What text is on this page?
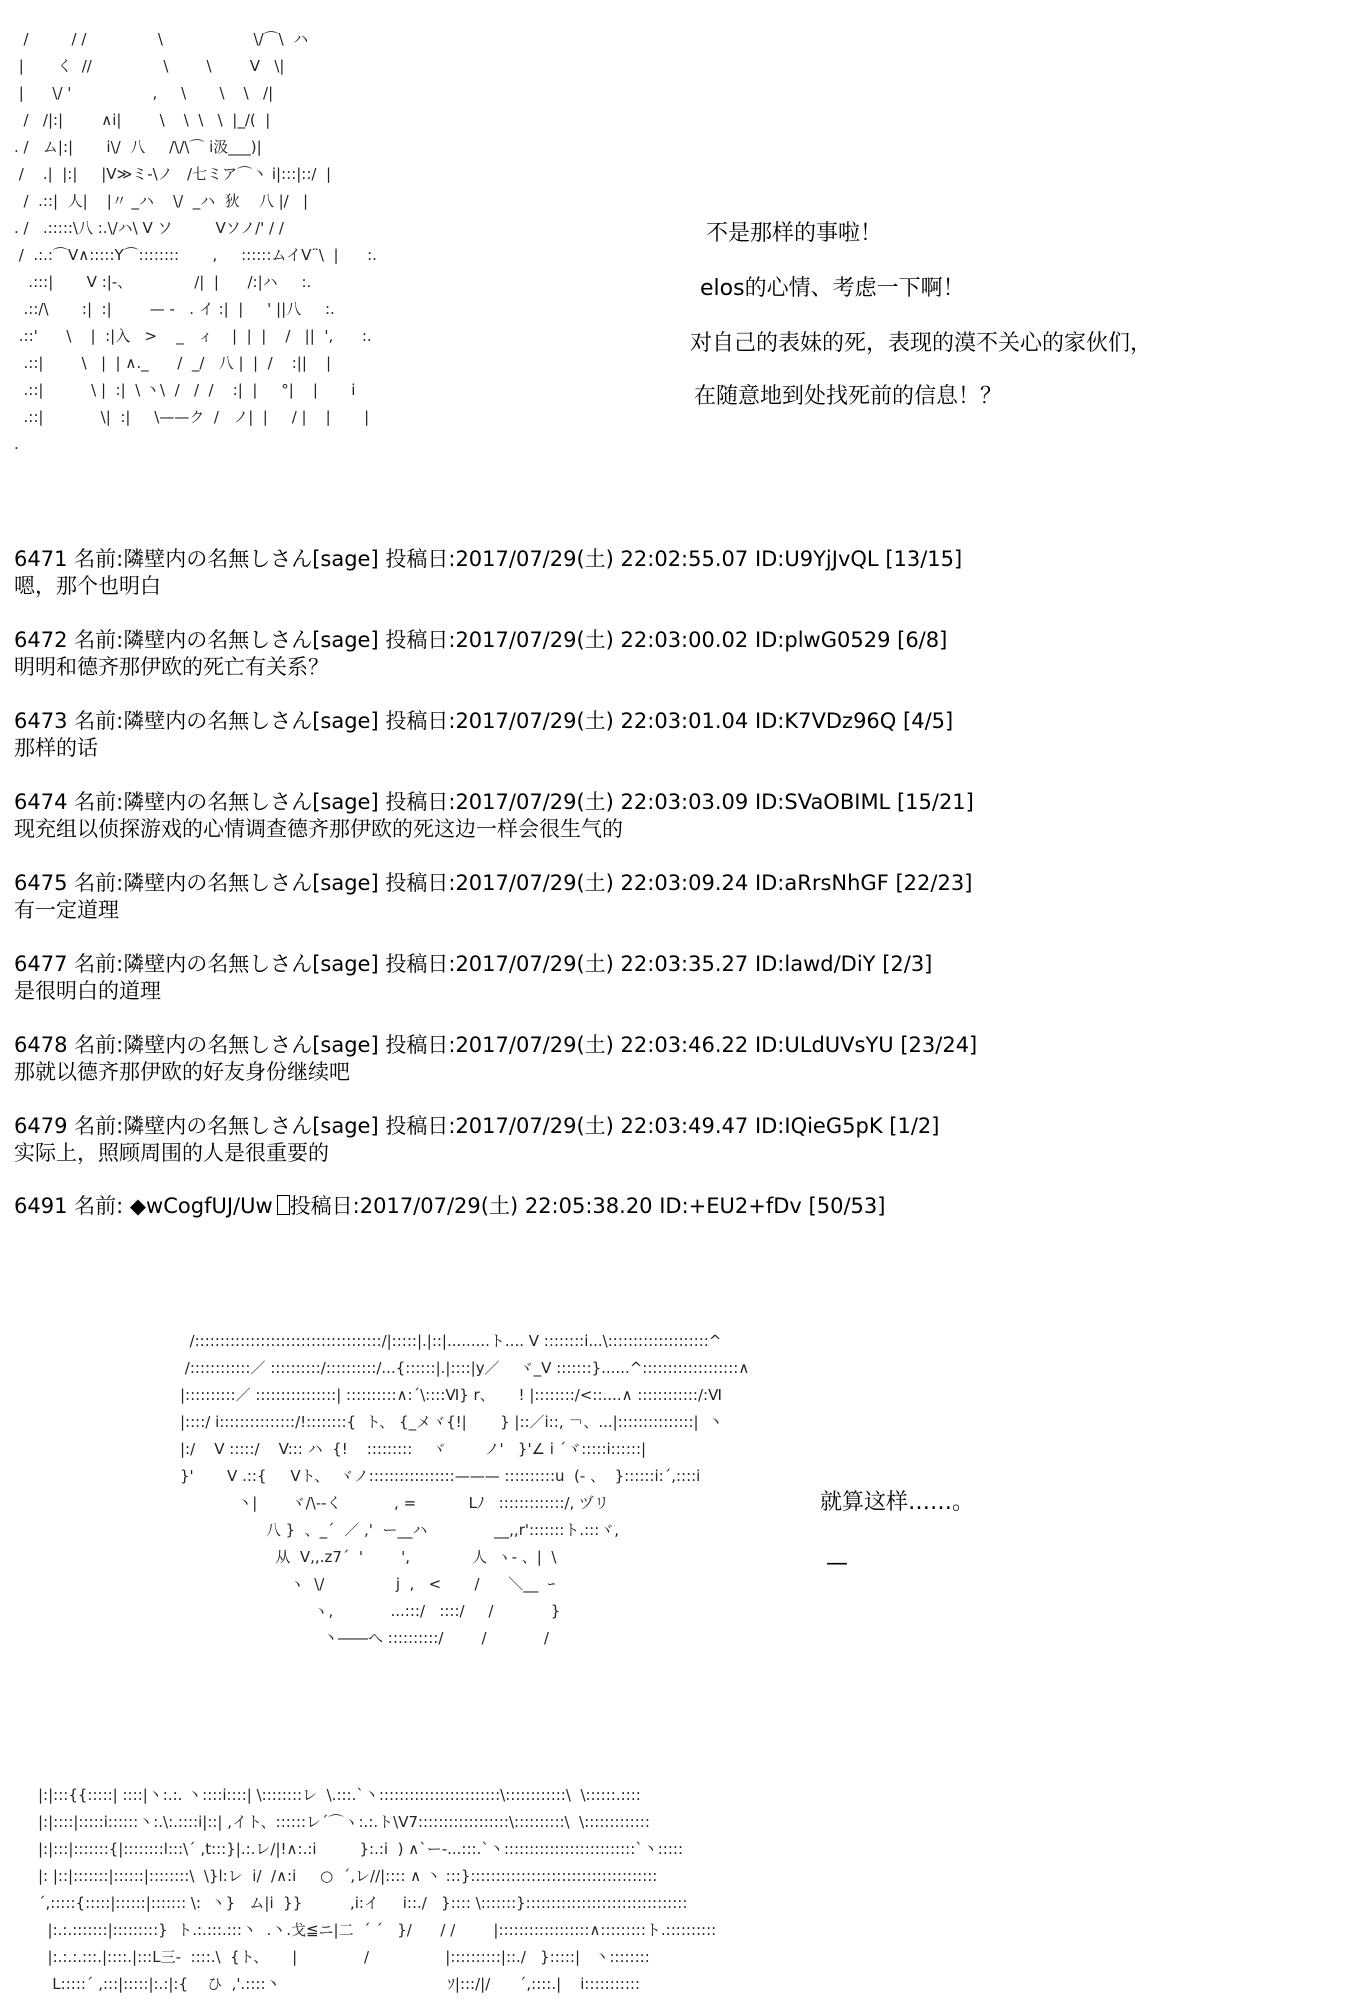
/         / /               \                   \/⌒\  ハ
|       く  //               \        \        V   \|
|      \/ '                 ,     \       \    \   /|
/   /|:|        ∧i|        \    \  \   \  |_/(  |
. /   ム|:|       i\/  八     /\/\⌒ i汲___)|
/    .|  |:|     |V≫ミ-\ノ   /七ミア⌒丶 i|:::|::/  |
/  .::|  人|    |〃 _ハ    \/  _ハ  狄    八 |/   |
. /   .:::::\八 :.\/ハ\ V ソ         Vソノ/' / /
/  .:.:⌒V∧:::::Y⌒::::::::       ,     ::::::ムイV¨\  |      :.
.:::|       V :|-、             /|  |      /:|ハ     :.
.::/\       :|  :|        — -   . イ :|  |     ' ||八     :.
.::'      \    |  :|入   >    _   ィ    |  |  |    /   ||  ',      :.
.::|        \   |  | ∧._      /  _/   八 |  |  /    :||    |
.::|          \ |  :|  \ 丶\  /   /  /    :|  |     °|    |       i
.::|            \|  :|     \——ク  /   ノ|  |     / |    |       |
.
不是那样的事啦！
elos的心情、考虑一下啊！
对自己的表妹的死，表现的漠不关心的家伙们，
在随意地到处找死前的信息！？

6471 名前:隣壁内の名無しさん[sage] 投稿日:2017/07/29(土) 22:02:55.07 ID:U9YjJvQL [13/15]

嗯，那个也明白

6472 名前:隣壁内の名無しさん[sage] 投稿日:2017/07/29(土) 22:03:00.02 ID:plwG0529 [6/8]

明明和德齐那伊欧的死亡有关系？

6473 名前:隣壁内の名無しさん[sage] 投稿日:2017/07/29(土) 22:03:01.04 ID:K7VDz96Q [4/5]

那样的话

6474 名前:隣壁内の名無しさん[sage] 投稿日:2017/07/29(土) 22:03:03.09 ID:SVaOBIML [15/21]

现充组以侦探游戏的心情调查德齐那伊欧的死这边一样会很生气的

6475 名前:隣壁内の名無しさん[sage] 投稿日:2017/07/29(土) 22:03:09.24 ID:aRrsNhGF [22/23]

有一定道理

6477 名前:隣壁内の名無しさん[sage] 投稿日:2017/07/29(土) 22:03:35.27 ID:lawd/DiY [2/3]

是很明白的道理

6478 名前:隣壁内の名無しさん[sage] 投稿日:2017/07/29(土) 22:03:46.22 ID:ULdUVsYU [23/24]

那就以德齐那伊欧的好友身份继续吧

6479 名前:隣壁内の名無しさん[sage] 投稿日:2017/07/29(土) 22:03:49.47 ID:IQieG5pK [1/2]

实际上，照顾周围的人是很重要的

6491 名前: ◆wCogfUJ/Uw 投稿日:2017/07/29(土) 22:05:38.20 ID:+EU2+fDv [50/53]

/:::::::::::::::::::::::::::::::::::::/|:::::|.|::|.........ト.... V ::::::::i...\::::::::::::::::::::^
/::::::::::::／ ::::::::::/::::::::::/...{::::::|.|::::|y／    ヾ_V :::::::}......^:::::::::::::::::::∧
|::::::::::／ ::::::::::::::::| ::::::::::∧:´\::::Ⅵ} r、     ! |::::::::/<::....∧ ::::::::::::/:Ⅵ
|::::/ i:::::::::::::::/!::::::::{  ト、 {_メヾ{!|       } |::／i::, ￢、...|:::::::::::::::|  丶
|:/    V :::::/    V::: ハ  {!    :::::::::    ヾ        ノ'   }'∠ i ´ヾ:::::i::::::|
}'       V .::{     Vト、  ヾノ:::::::::::::::::——— ::::::::::u  (- 、  }::::::i:´,::::i
丶|       ヾ/\--く           , =           Lﾉ   :::::::::::::/, ヅリ
八 }  、_´  ／ ,'  ー__ハ              __,,r':::::::ト.:::ヾ,
从  V,,.z7´  '        ',             人  ヽ- 、|  \
ヽ  \/               j  ,   <       /      ＼__  ｰ
ヽ,            ...:::/   ::::/     /            }
丶――へ ::::::::::/        /            /
就算这样……。
—
|:|:::{{:::::| ::::|丶:.:. 丶::::i::::| \::::::::レ  \.:::.`丶::::::::::::::::::::::::\::::::::::::\  \::::::.::::
|:|::::|:::::i::::::丶:.\:.::::i|::| ,イト、::::::レ´⌒ヽ:.:.ト\V7::::::::::::::::::\::::::::::\  \:::::::::::::
|:|:::|:::::::{|::::::::l:::\´ ,t:::}|.:.レ/|!∧:.:i         }:.:i  ) ∧`ー-...:::.`丶::::::::::::::::::::::::::`丶:::::
|: |::|:::::::|::::::|::::::::\  \}l:レ  i/  /∧:i     ○  ´,レ//|:::: ∧ 丶 :::}:::::::::::::::::::::::::::::::::::::
´,:::::{:::::|::::::|::::::: \:  丶}   ム|i  }}          ,i:イ     i::./   }:::: \:::::::}::::::::::::::::::::::::::::::::
|:.:.:::::::|:::::::::}  ト.:.:::.:::丶  .丶.戈≦ニ|二  ´ ´   }/      / /        |::::::::::::::::::∧:::::::::ト.::::::::::
|:.:.:.:::.|::::.|:::L三-  ::::.\  {ト、     |              /                |::::::::::|::./   }:::::|   丶::::::::
L:::::´ ,:::|:::::|:.:|:{    ひ  ,'.::::丶                                   ｿ|:::/|/      ´,::::.|    i:::::::::::
